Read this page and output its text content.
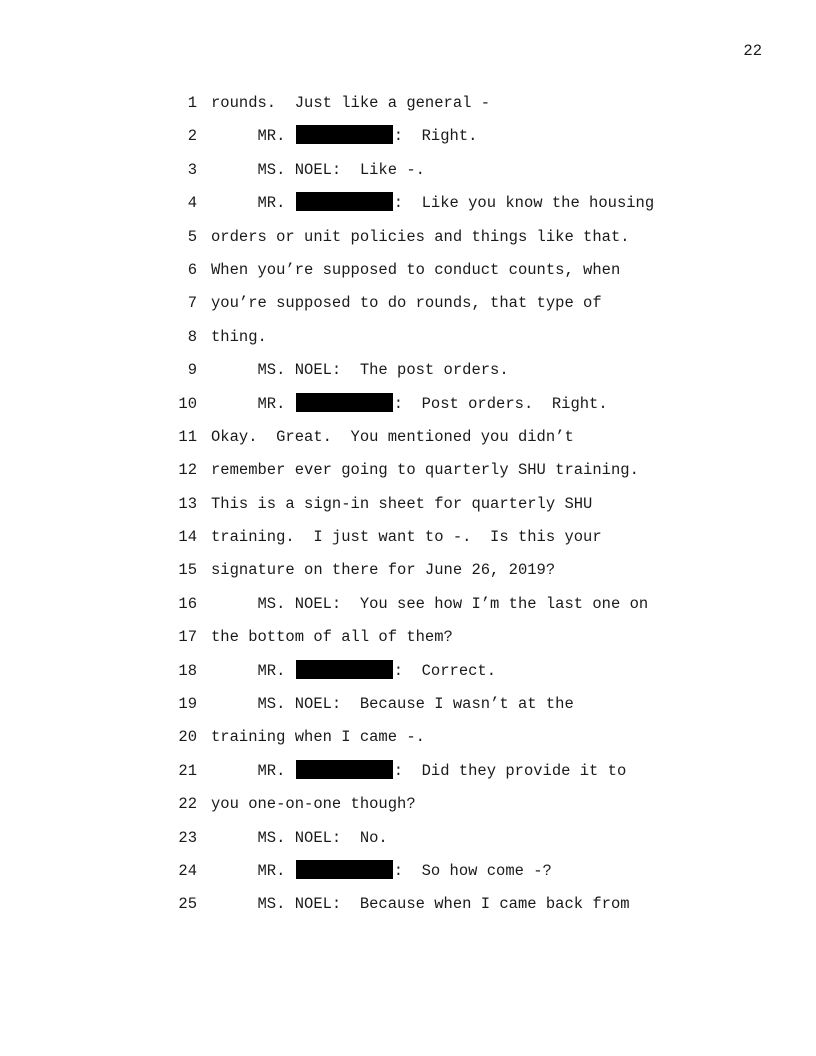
22
1 rounds.  Just like a general -
2 MR.	:  Right.
3 MS. NOEL:  Like -.
4 MR.	:  Like you know the housing
5 orders or unit policies and things like that.
6 When you’re supposed to conduct counts, when
7 you’re supposed to do rounds, that type of
8 thing.
9 MS. NOEL:  The post orders.
10 MR.	:  Post orders.  Right.
11 Okay.  Great.  You mentioned you didn’t
12 remember ever going to quarterly SHU training.
13 This is a sign-in sheet for quarterly SHU
14 training.  I just want to -.  Is this your
15 signature on there for June 26, 2019?
16 MS. NOEL:  You see how I’m the last one on
17 the bottom of all of them?
18 MR.	:  Correct.
19 MS. NOEL:  Because I wasn’t at the
20 training when I came -.
21 MR.	:  Did they provide it to
22 you one-on-one though?
23 MS. NOEL:  No.
24 MR.	:  So how come -?
25 MS. NOEL:  Because when I came back from
